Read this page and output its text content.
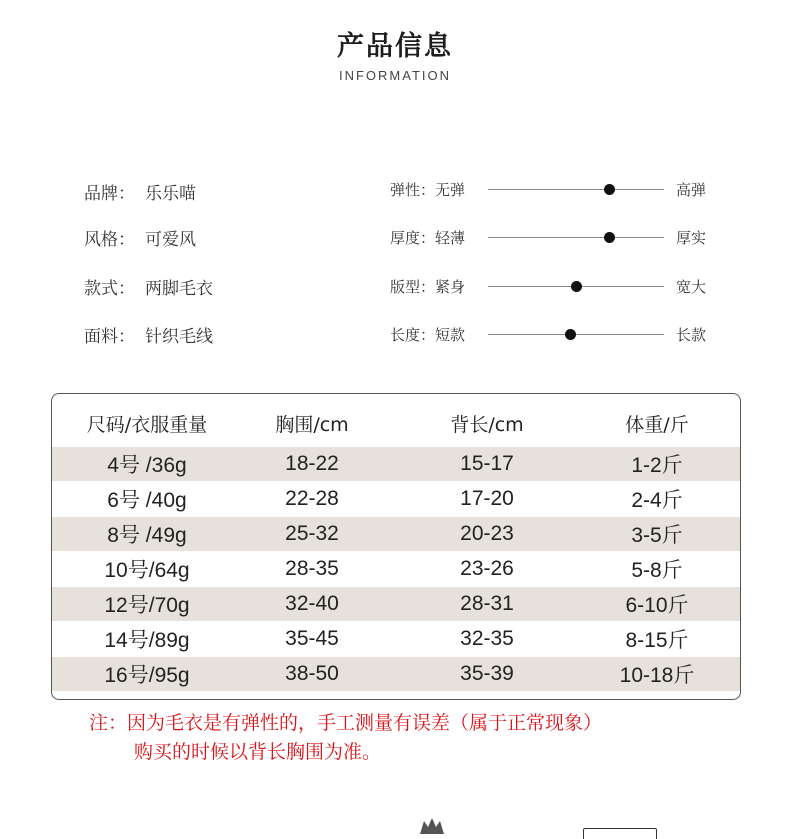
产品信息
INFORMATION
品牌： 乐乐喵
风格： 可爱风
款式： 两脚毛衣
面料： 针织毛线
弹性：无弹	高弹
厚度：轻薄	厚实
版型：紧身	宽大
长度：短款	长款
尺码/衣服重量	胸围/cm	背长/cm	体重/斤
4号 /36g	18-22	15-17	1-2斤
6号 /40g	22-28	17-20	2-4斤
8号 /49g	25-32	20-23	3-5斤
10号/64g	28-35	23-26	5-8斤
12号/70g	32-40	28-31	6-10斤
14号/89g	35-45	32-35	8-15斤
16号/95g	38-50	35-39	10-18斤
注：因为毛衣是有弹性的，手工测量有误差（属于正常现象）
购买的时候以背长胸围为准。
